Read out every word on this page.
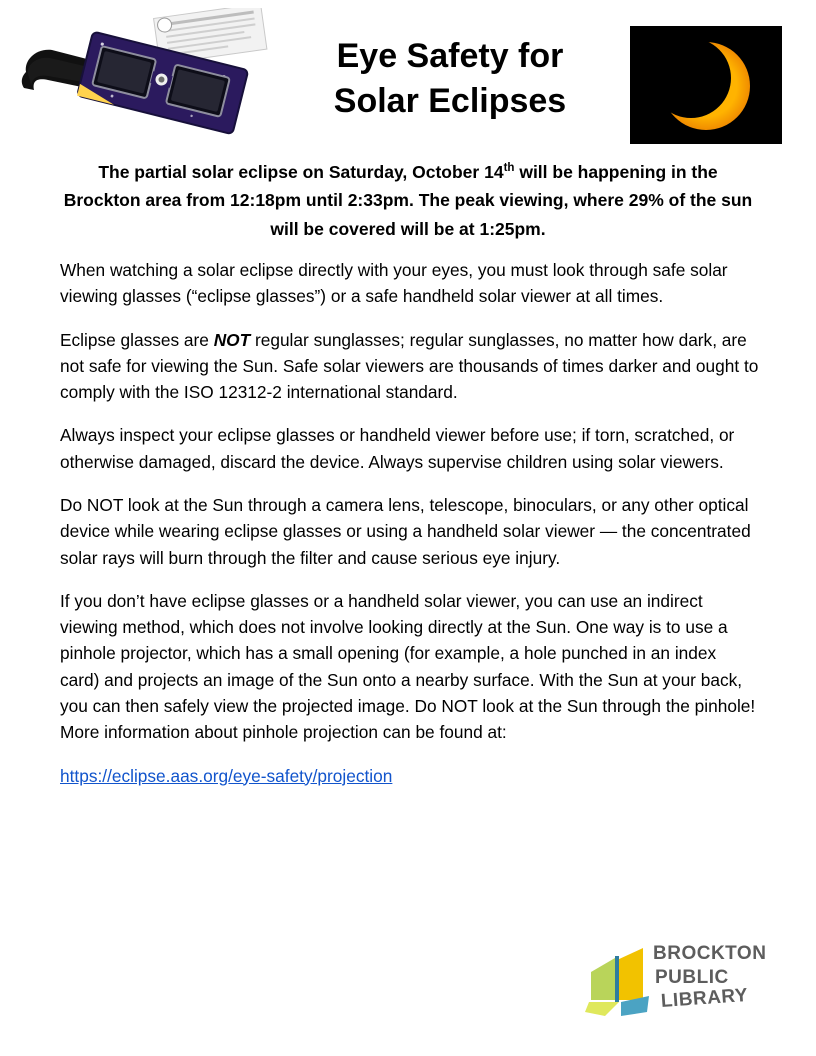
Eye Safety for
Solar Eclipses
The partial solar eclipse on Saturday, October 14th will be happening in the Brockton area from 12:18pm until 2:33pm. The peak viewing, where 29% of the sun will be covered will be at 1:25pm.

When watching a solar eclipse directly with your eyes, you must look through safe solar viewing glasses (“eclipse glasses”) or a safe handheld solar viewer at all times.

Eclipse glasses are NOT regular sunglasses; regular sunglasses, no matter how dark, are not safe for viewing the Sun. Safe solar viewers are thousands of times darker and ought to comply with the ISO 12312-2 international standard.

Always inspect your eclipse glasses or handheld viewer before use; if torn, scratched, or otherwise damaged, discard the device. Always supervise children using solar viewers.

Do NOT look at the Sun through a camera lens, telescope, binoculars, or any other optical device while wearing eclipse glasses or using a handheld solar viewer — the concentrated solar rays will burn through the filter and cause serious eye injury.

If you don’t have eclipse glasses or a handheld solar viewer, you can use an indirect viewing method, which does not involve looking directly at the Sun. One way is to use a pinhole projector, which has a small opening (for example, a hole punched in an index card) and projects an image of the Sun onto a nearby surface. With the Sun at your back, you can then safely view the projected image. Do NOT look at the Sun through the pinhole! More information about pinhole projection can be found at:

https://eclipse.aas.org/eye-safety/projection

BROCKTON
PUBLIC
LIBRARY
